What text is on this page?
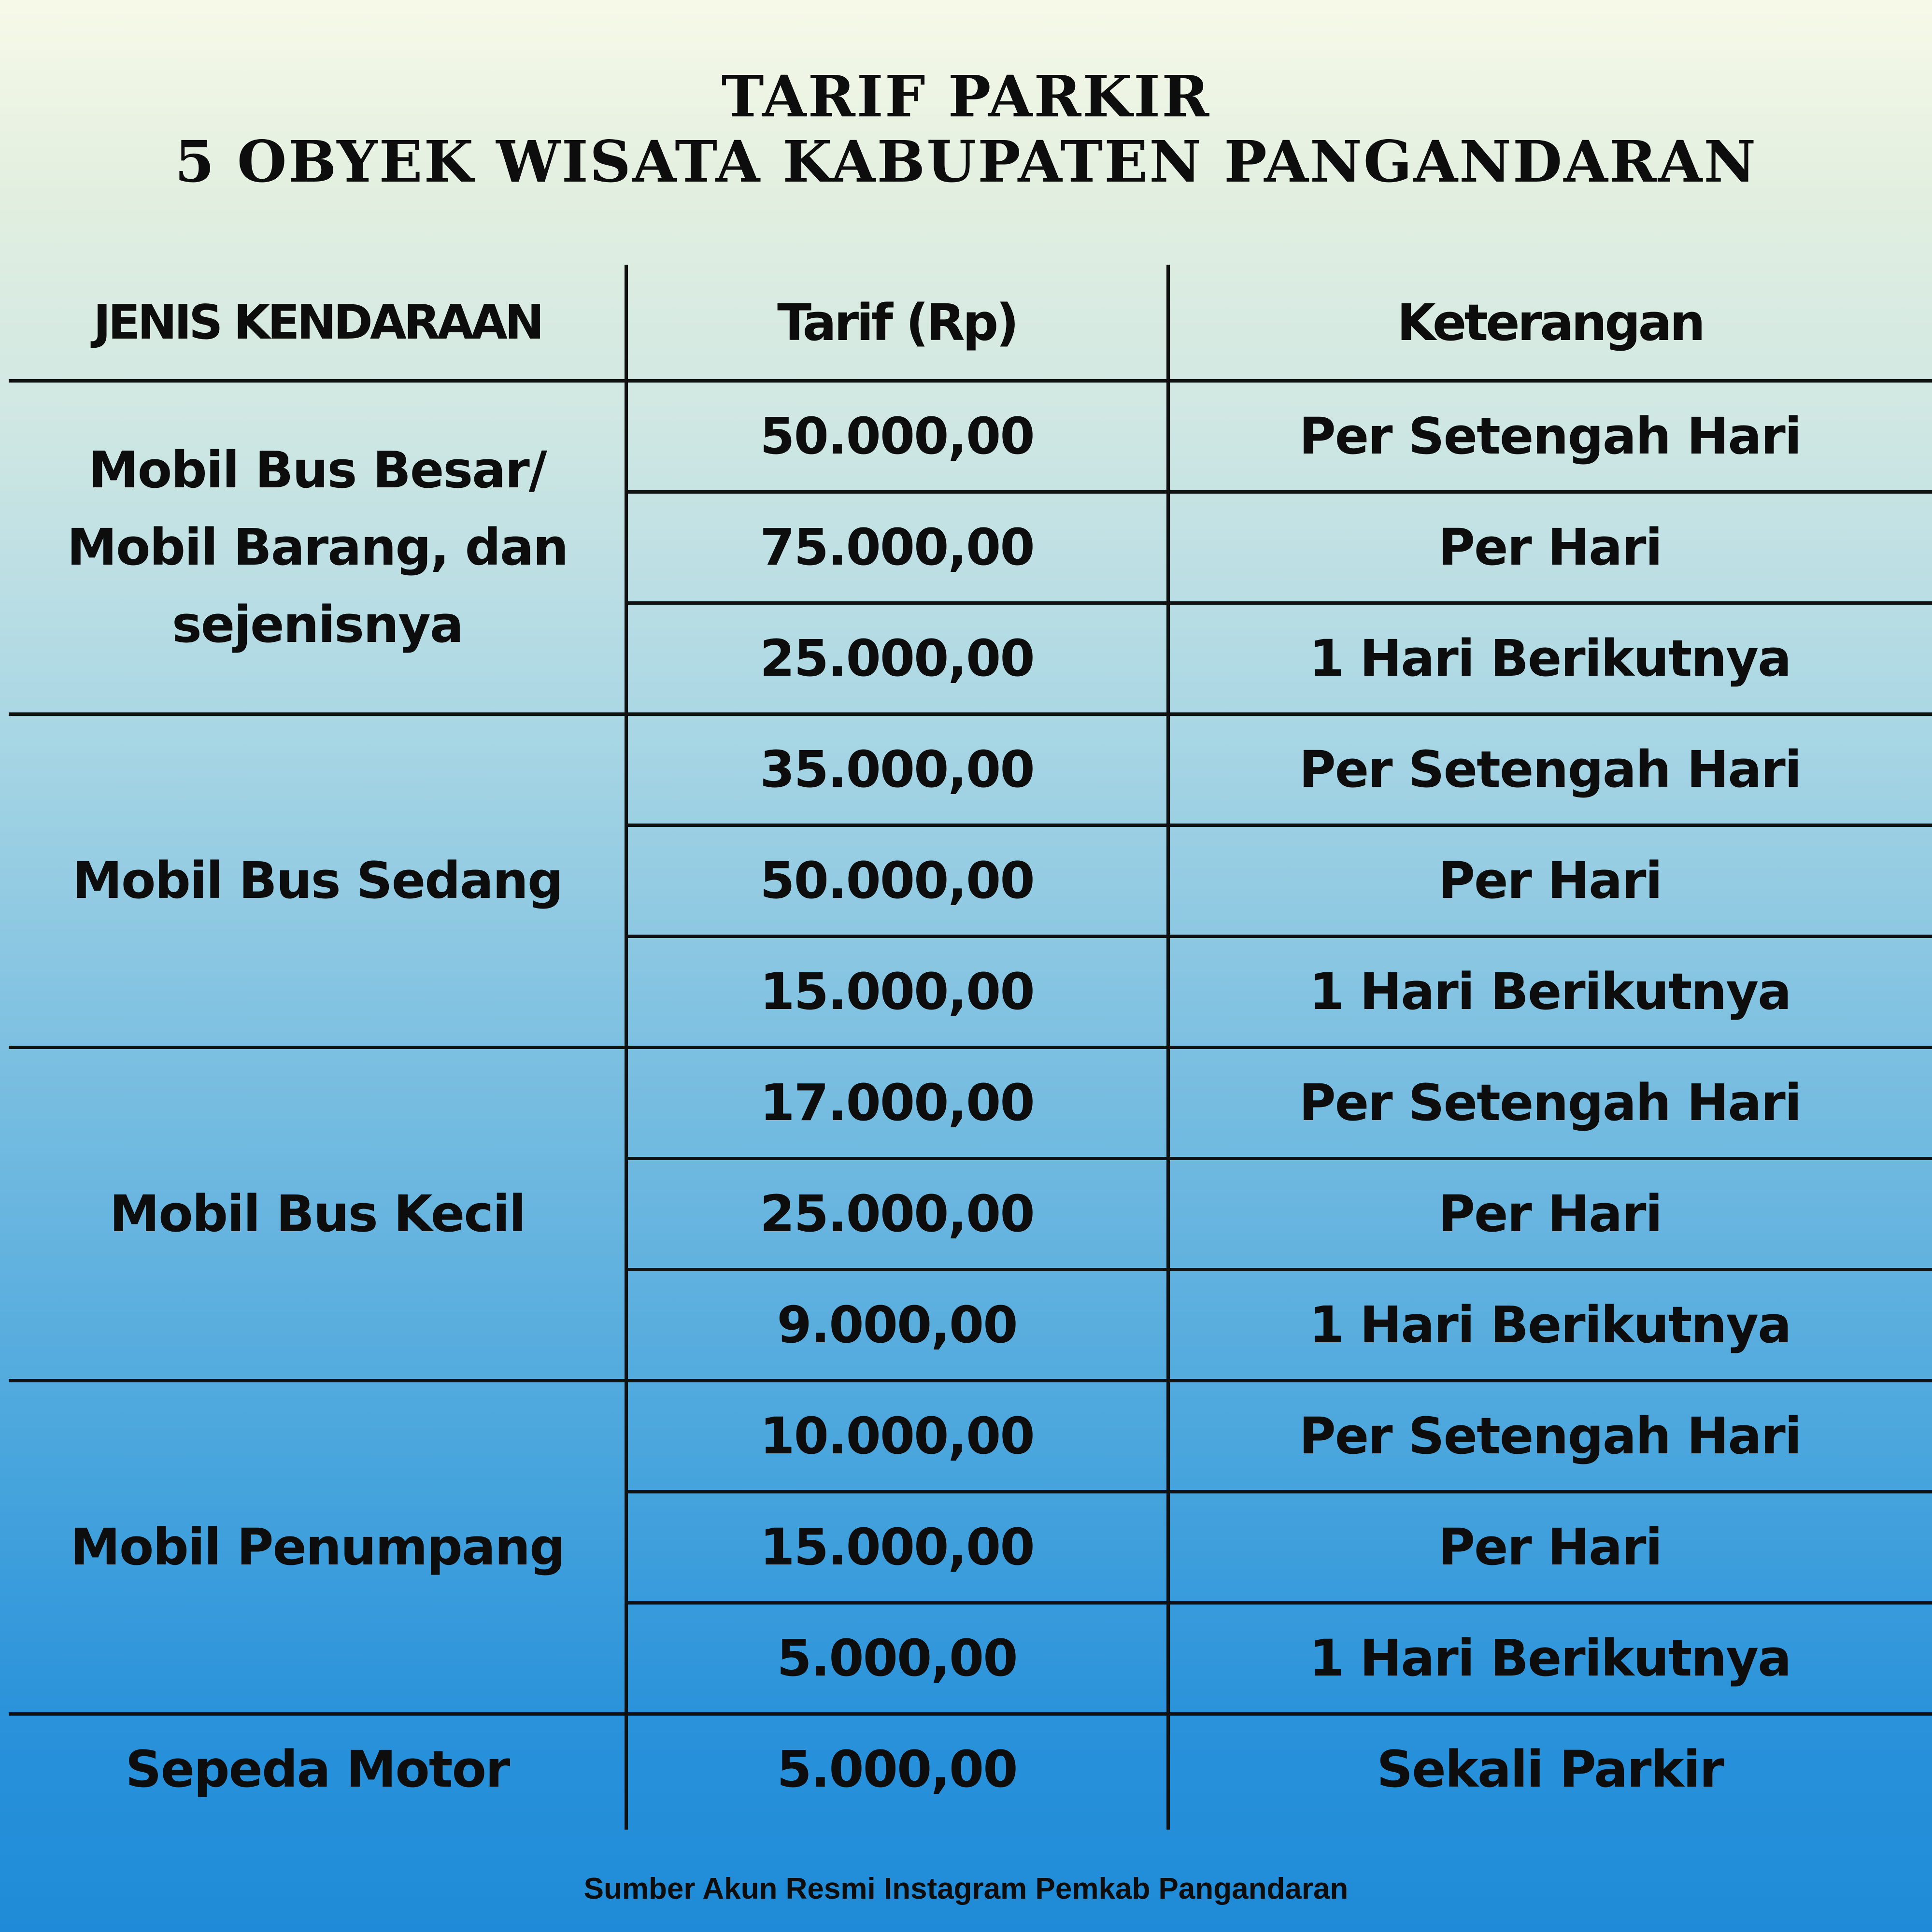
TARIF PARKIR
5 OBYEK WISATA KABUPATEN PANGANDARAN
JENIS KENDARAAN	Tarif (Rp)	Keterangan
Mobil Bus Besar/ Mobil Barang, dan sejenisnya
50.000,00	Per Setengah Hari
75.000,00	Per Hari
25.000,00	1 Hari Berikutnya
Mobil Bus Sedang
35.000,00	Per Setengah Hari
50.000,00	Per Hari
15.000,00	1 Hari Berikutnya
Mobil Bus Kecil
17.000,00	Per Setengah Hari
25.000,00	Per Hari
9.000,00	1 Hari Berikutnya
Mobil Penumpang
10.000,00	Per Setengah Hari
15.000,00	Per Hari
5.000,00	1 Hari Berikutnya
Sepeda Motor	5.000,00	Sekali Parkir
Sumber Akun Resmi Instagram Pemkab Pangandaran
